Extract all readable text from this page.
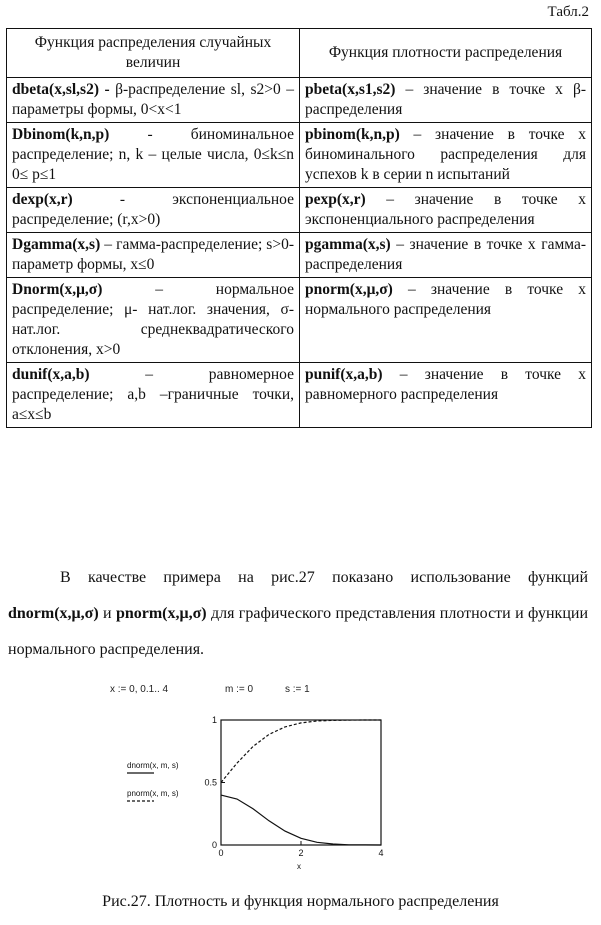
Табл.2
Функция распределения случайных величин	Функция плотности распределения
dbeta(x,sl,s2) - β-распределение sl, s2>0 – параметры формы, 0<x<1	pbeta(x,s1,s2) – значение в точке x β-распределения
Dbinom(k,n,p) - биноминальное распределение; n, k – целые числа, 0≤k≤n 0≤ p≤1	pbinom(k,n,p) – значение в точке x биноминального распределения для успехов k в серии n испытаний
dexp(x,r) - экспоненциальное распределение; (r,x>0)	pexp(x,r) – значение в точке x экспоненциального распределения
Dgamma(x,s) – гамма-распределение; s>0-параметр формы, x≤0	pgamma(x,s) – значение в точке x гамма-распределения
Dnorm(x,μ,σ) – нормальное распределение; μ- нат.лог. значения, σ- нат.лог. среднеквадратического отклонения, x>0	pnorm(x,μ,σ) – значение в точке x нормального распределения
dunif(x,a,b) – равномерное распределение; a,b –граничные точки, a≤x≤b	punif(x,a,b) – значение в точке x равномерного распределения
В качестве примера на рис.27 показано использование функций dnorm(x,μ,σ) и pnorm(x,μ,σ) для графического представления плотности и функции нормального распределения.
x := 0, 0.1.. 4	m := 0	s := 1
0	2	4
0
0.5
1
x
dnorm(x, m, s)
pnorm(x, m, s)
Рис.27. Плотность и функция нормального распределения
